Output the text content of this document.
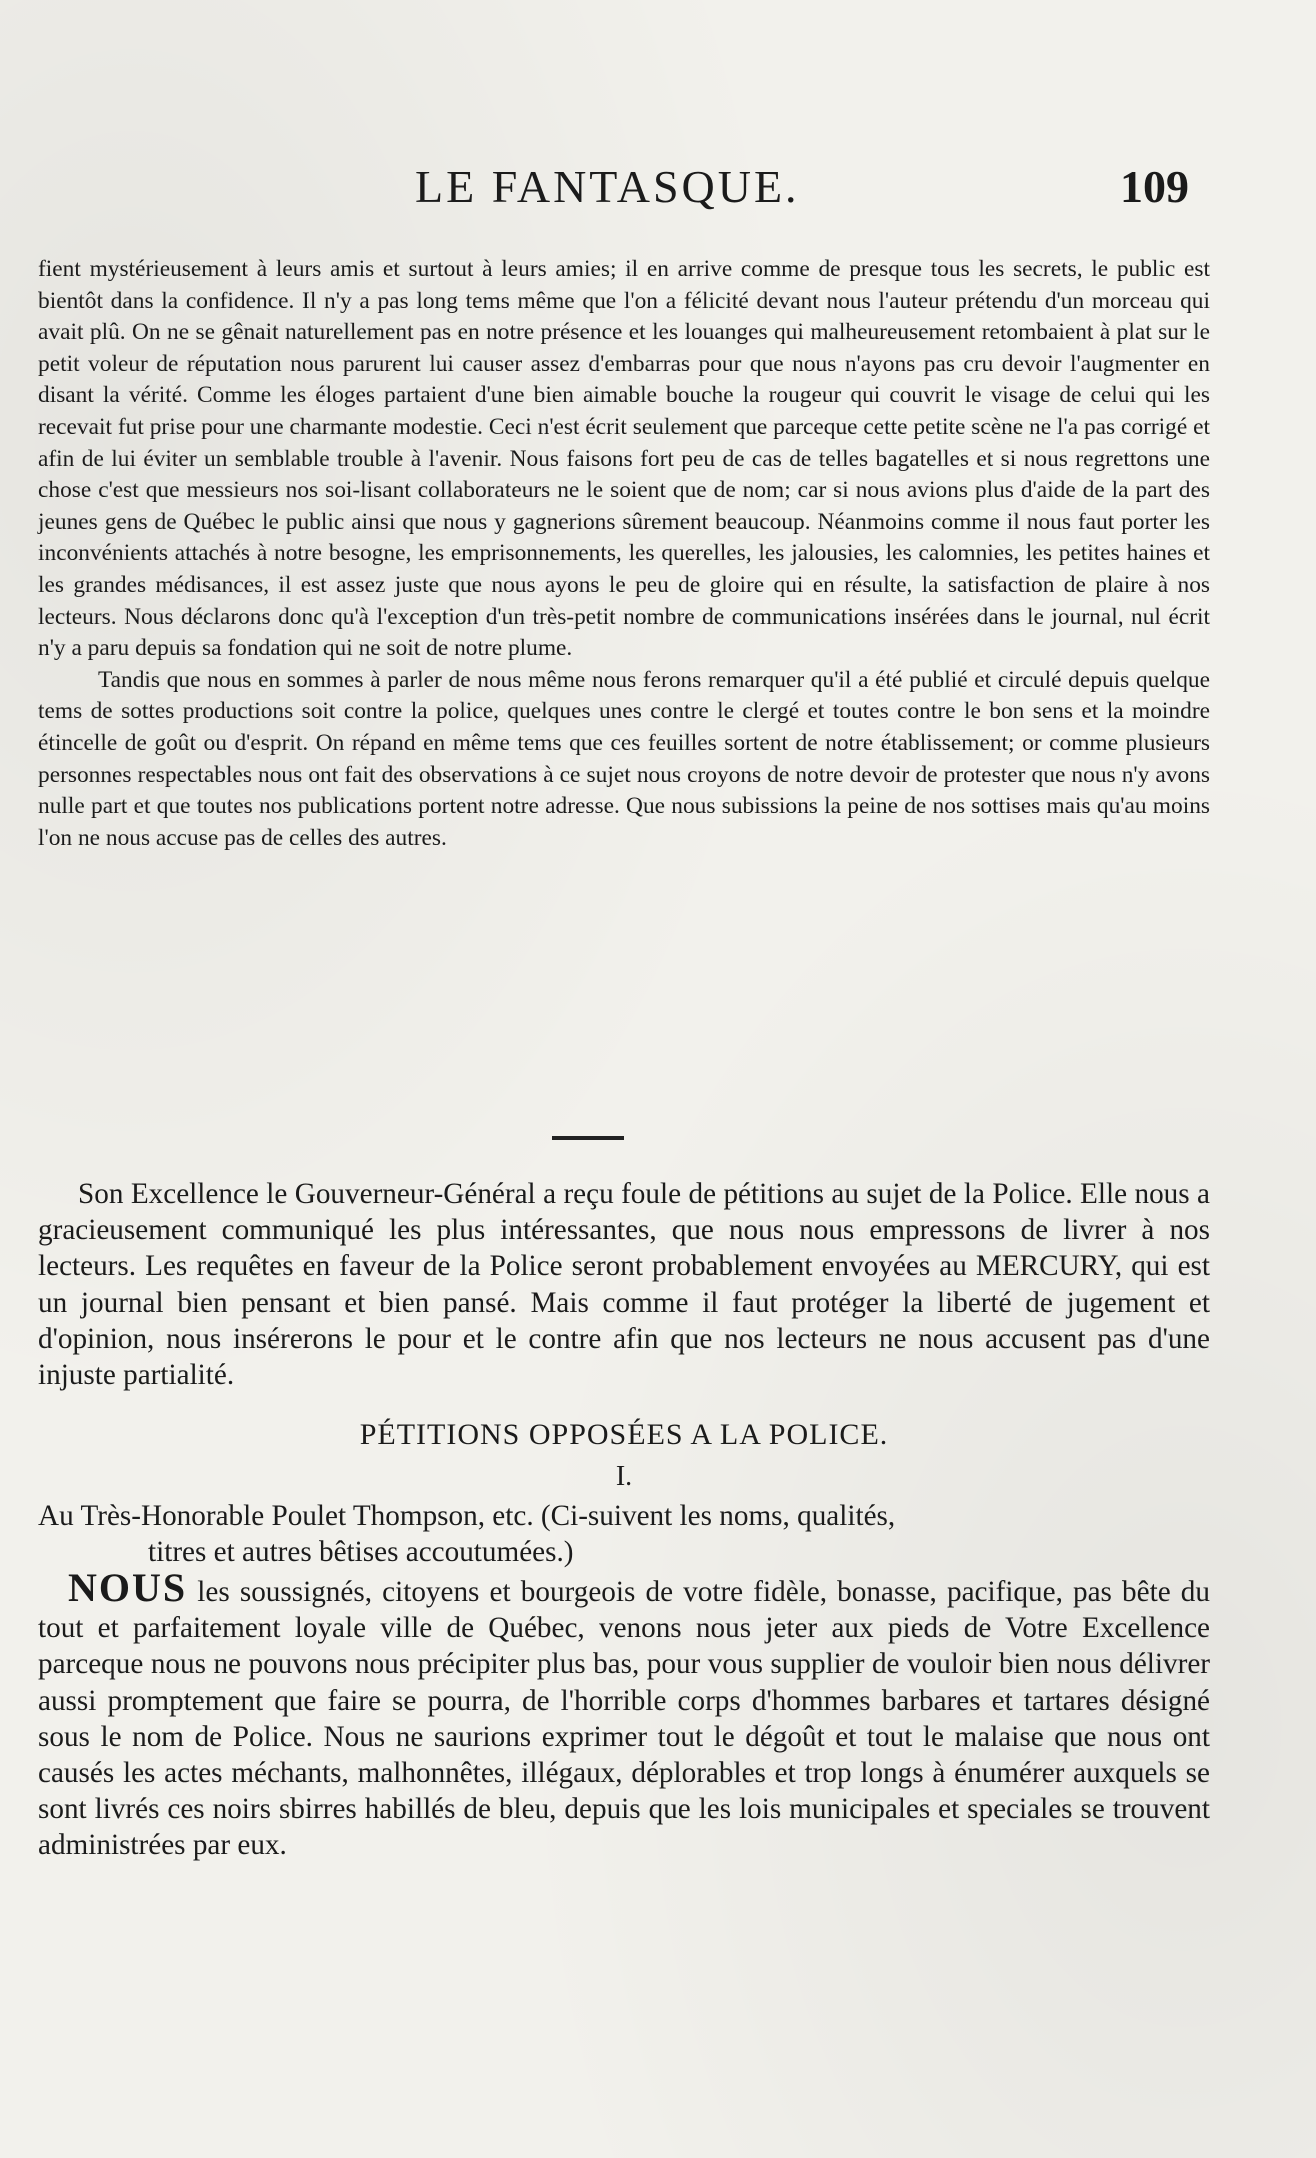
LE FANTASQUE.	109

fient mystérieusement à leurs amis et surtout à leurs amies; il en arrive comme de presque tous les secrets, le public est bientôt dans la confidence. Il n'y a pas long tems même que l'on a félicité devant nous l'auteur prétendu d'un morceau qui avait plû. On ne se gênait naturellement pas en notre présence et les louanges qui malheureusement retombaient à plat sur le petit voleur de réputation nous parurent lui causer assez d'embarras pour que nous n'ayons pas cru devoir l'augmenter en disant la vérité. Comme les éloges partaient d'une bien aimable bouche la rougeur qui couvrit le visage de celui qui les recevait fut prise pour une charmante modestie. Ceci n'est écrit seulement que parceque cette petite scène ne l'a pas corrigé et afin de lui éviter un semblable trouble à l'avenir. Nous faisons fort peu de cas de telles bagatelles et si nous regrettons une chose c'est que messieurs nos soi-lisant collaborateurs ne le soient que de nom; car si nous avions plus d'aide de la part des jeunes gens de Québec le public ainsi que nous y gagnerions sûrement beaucoup. Néanmoins comme il nous faut porter les inconvénients attachés à notre besogne, les emprisonnements, les querelles, les jalousies, les calomnies, les petites haines et les grandes médisances, il est assez juste que nous ayons le peu de gloire qui en résulte, la satisfaction de plaire à nos lecteurs. Nous déclarons donc qu'à l'exception d'un très-petit nombre de communications insérées dans le journal, nul écrit n'y a paru depuis sa fondation qui ne soit de notre plume.

Tandis que nous en sommes à parler de nous même nous ferons remarquer qu'il a été publié et circulé depuis quelque tems de sottes productions soit contre la police, quelques unes contre le clergé et toutes contre le bon sens et la moindre étincelle de goût ou d'esprit. On répand en même tems que ces feuilles sortent de notre établissement; or comme plusieurs personnes respectables nous ont fait des observations à ce sujet nous croyons de notre devoir de protester que nous n'y avons nulle part et que toutes nos publications portent notre adresse. Que nous subissions la peine de nos sottises mais qu'au moins l'on ne nous accuse pas de celles des autres.

Son Excellence le Gouverneur-Général a reçu foule de pétitions au sujet de la Police. Elle nous a gracieusement communiqué les plus intéressantes, que nous nous empressons de livrer à nos lecteurs. Les requêtes en faveur de la Police seront probablement envoyées au MERCURY, qui est un journal bien pensant et bien pansé. Mais comme il faut protéger la liberté de jugement et d'opinion, nous insérerons le pour et le contre afin que nos lecteurs ne nous accusent pas d'une injuste partialité.

PÉTITIONS OPPOSÉES A LA POLICE.
I.

Au Très-Honorable Poulet Thompson, etc. (Ci-suivent les noms, qualités,
titres et autres bêtises accoutumées.)

NOUS les soussignés, citoyens et bourgeois de votre fidèle, bonasse, pacifique, pas bête du tout et parfaitement loyale ville de Québec, venons nous jeter aux pieds de Votre Excellence parceque nous ne pouvons nous précipiter plus bas, pour vous supplier de vouloir bien nous délivrer aussi promptement que faire se pourra, de l'horrible corps d'hommes barbares et tartares désigné sous le nom de Police. Nous ne saurions exprimer tout le dégoût et tout le malaise que nous ont causés les actes méchants, malhonnêtes, illégaux, déplorables et trop longs à énumérer auxquels se sont livrés ces noirs sbirres habillés de bleu, depuis que les lois municipales et speciales se trouvent administrées par eux.
